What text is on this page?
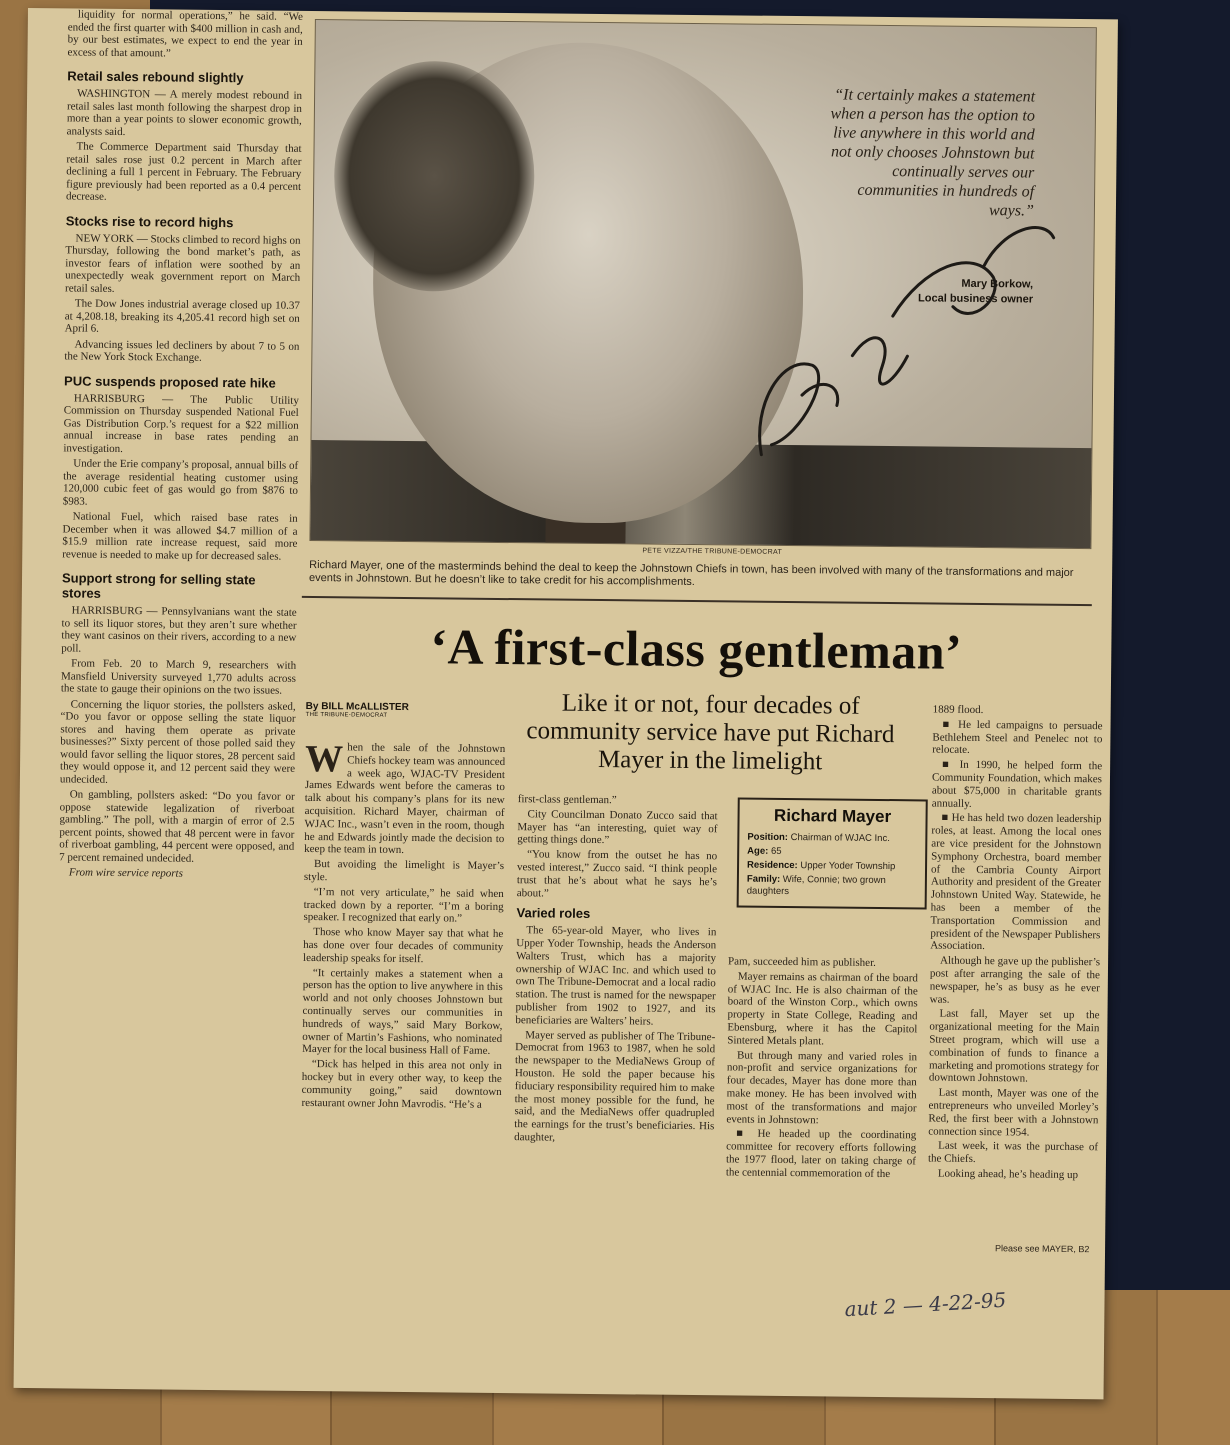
liquidity for normal operations,” he said. “We ended the first quarter with $400 million in cash and, by our best estimates, we expect to end the year in excess of that amount.”

Retail sales rebound slightly

WASHINGTON — A merely modest rebound in retail sales last month following the sharpest drop in more than a year points to slower economic growth, analysts said.

The Commerce Department said Thursday that retail sales rose just 0.2 percent in March after declining a full 1 percent in February. The February figure previously had been reported as a 0.4 percent decrease.

Stocks rise to record highs

NEW YORK — Stocks climbed to record highs on Thursday, following the bond market’s path, as investor fears of inflation were soothed by an unexpectedly weak government report on March retail sales.

The Dow Jones industrial average closed up 10.37 at 4,208.18, breaking its 4,205.41 record high set on April 6.

Advancing issues led decliners by about 7 to 5 on the New York Stock Exchange.

PUC suspends proposed rate hike

HARRISBURG — The Public Utility Commission on Thursday suspended National Fuel Gas Distribution Corp.’s request for a $22 million annual increase in base rates pending an investigation.

Under the Erie company’s proposal, annual bills of the average residential heating customer using 120,000 cubic feet of gas would go from $876 to $983.

National Fuel, which raised base rates in December when it was allowed $4.7 million of a $15.9 million rate increase request, said more revenue is needed to make up for decreased sales.

Support strong for selling state stores

HARRISBURG — Pennsylvanians want the state to sell its liquor stores, but they aren’t sure whether they want casinos on their rivers, according to a new poll.

From Feb. 20 to March 9, researchers with Mansfield University surveyed 1,770 adults across the state to gauge their opinions on the two issues.

Concerning the liquor stories, the pollsters asked, “Do you favor or oppose selling the state liquor stores and having them operate as private businesses?” Sixty percent of those polled said they would favor selling the liquor stores, 28 percent said they would oppose it, and 12 percent said they were undecided.

On gambling, pollsters asked: “Do you favor or oppose statewide legalization of riverboat gambling.” The poll, with a margin of error of 2.5 percent points, showed that 48 percent were in favor of riverboat gambling, 44 percent were opposed, and 7 percent remained undecided.

From wire service reports

“It certainly makes a statement when a person has the option to live anywhere in this world and not only chooses Johnstown but continually serves our communities in hundreds of ways.”
Mary Borkow,
Local business owner
PETE VIZZA/THE TRIBUNE-DEMOCRAT
Richard Mayer, one of the masterminds behind the deal to keep the Johnstown Chiefs in town, has been involved with many of the transformations and major events in Johnstown. But he doesn’t like to take credit for his accomplishments.
‘A first-class gentleman’
By BILL McALLISTER
THE TRIBUNE-DEMOCRAT	Like it or not, four decades of community service have put Richard Mayer in the limelight

When the sale of the Johnstown Chiefs hockey team was announced a week ago, WJAC-TV President James Edwards went before the cameras to talk about his company’s plans for its new acquisition. Richard Mayer, chairman of WJAC Inc., wasn’t even in the room, though he and Edwards jointly made the decision to keep the team in town.

But avoiding the limelight is Mayer’s style.

“I’m not very articulate,” he said when tracked down by a reporter. “I’m a boring speaker. I recognized that early on.”

Those who know Mayer say that what he has done over four decades of community leadership speaks for itself.

“It certainly makes a statement when a person has the option to live anywhere in this world and not only chooses Johnstown but continually serves our communities in hundreds of ways,” said Mary Borkow, owner of Martin’s Fashions, who nominated Mayer for the local business Hall of Fame.

“Dick has helped in this area not only in hockey but in every other way, to keep the community going,” said downtown restaurant owner John Mavrodis. “He’s a

first-class gentleman.”

City Councilman Donato Zucco said that Mayer has “an interesting, quiet way of getting things done.”

“You know from the outset he has no vested interest,” Zucco said. “I think people trust that he’s about what he says he’s about.”

Varied roles

The 65-year-old Mayer, who lives in Upper Yoder Township, heads the Anderson Walters Trust, which has a majority ownership of WJAC Inc. and which used to own The Tribune-Democrat and a local radio station. The trust is named for the newspaper publisher from 1902 to 1927, and its beneficiaries are Walters’ heirs.

Mayer served as publisher of The Tribune-Democrat from 1963 to 1987, when he sold the newspaper to the MediaNews Group of Houston. He sold the paper because his fiduciary responsibility required him to make the most money possible for the fund, he said, and the MediaNews offer quadrupled the earnings for the trust’s beneficiaries. His daughter,

Richard Mayer
Position: Chairman of WJAC Inc.
Age: 65
Residence: Upper Yoder Township
Family: Wife, Connie; two grown daughters

Pam, succeeded him as publisher.

Mayer remains as chairman of the board of WJAC Inc. He is also chairman of the board of the Winston Corp., which owns property in State College, Reading and Ebensburg, where it has the Capitol Sintered Metals plant.

But through many and varied roles in non-profit and service organizations for four decades, Mayer has done more than make money. He has been involved with most of the transformations and major events in Johnstown:

■ He headed up the coordinating committee for recovery efforts following the 1977 flood, later on taking charge of the centennial commemoration of the

1889 flood.

■ He led campaigns to persuade Bethlehem Steel and Penelec not to relocate.

■ In 1990, he helped form the Community Foundation, which makes about $75,000 in charitable grants annually.

■ He has held two dozen leadership roles, at least. Among the local ones are vice president for the Johnstown Symphony Orchestra, board member of the Cambria County Airport Authority and president of the Greater Johnstown United Way. Statewide, he has been a member of the Transportation Commission and president of the Newspaper Publishers Association.

Although he gave up the publisher’s post after arranging the sale of the newspaper, he’s as busy as he ever was.

Last fall, Mayer set up the organizational meeting for the Main Street program, which will use a combination of funds to finance a marketing and promotions strategy for downtown Johnstown.

Last month, Mayer was one of the entrepreneurs who unveiled Morley’s Red, the first beer with a Johnstown connection since 1954.

Last week, it was the purchase of the Chiefs.

Looking ahead, he’s heading up

Please see MAYER, B2
aut 2 — 4-22-95
